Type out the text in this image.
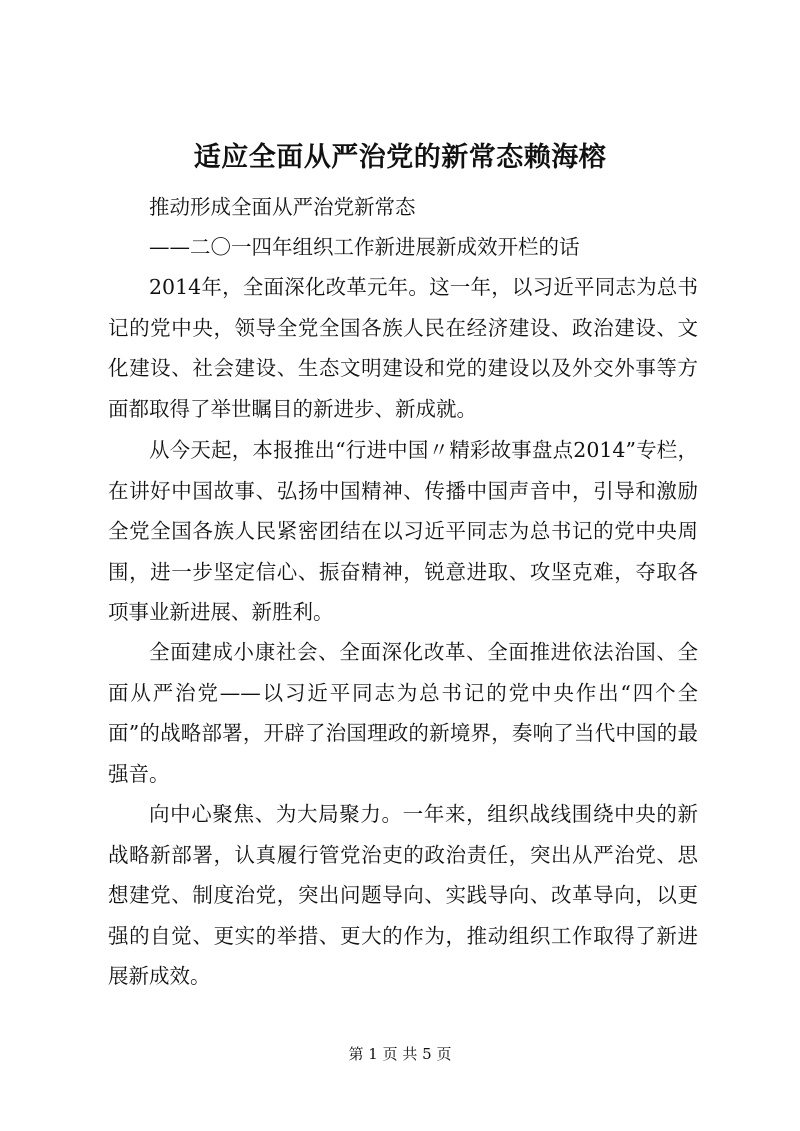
适应全面从严治党的新常态赖海榕

推动形成全面从严治党新常态

——二〇一四年组织工作新进展新成效开栏的话

2014年，全面深化改革元年。这一年，以习近平同志为总书记的党中央，领导全党全国各族人民在经济建设、政治建设、文化建设、社会建设、生态文明建设和党的建设以及外交外事等方面都取得了举世瞩目的新进步、新成就。

从今天起，本报推出“行进中国〃精彩故事盘点2014”专栏，在讲好中国故事、弘扬中国精神、传播中国声音中，引导和激励全党全国各族人民紧密团结在以习近平同志为总书记的党中央周围，进一步坚定信心、振奋精神，锐意进取、攻坚克难，夺取各项事业新进展、新胜利。

全面建成小康社会、全面深化改革、全面推进依法治国、全面从严治党——以习近平同志为总书记的党中央作出“四个全面”的战略部署，开辟了治国理政的新境界，奏响了当代中国的最强音。

向中心聚焦、为大局聚力。一年来，组织战线围绕中央的新战略新部署，认真履行管党治吏的政治责任，突出从严治党、思想建党、制度治党，突出问题导向、实践导向、改革导向，以更强的自觉、更实的举措、更大的作为，推动组织工作取得了新进展新成效。

第 1 页 共 5 页
